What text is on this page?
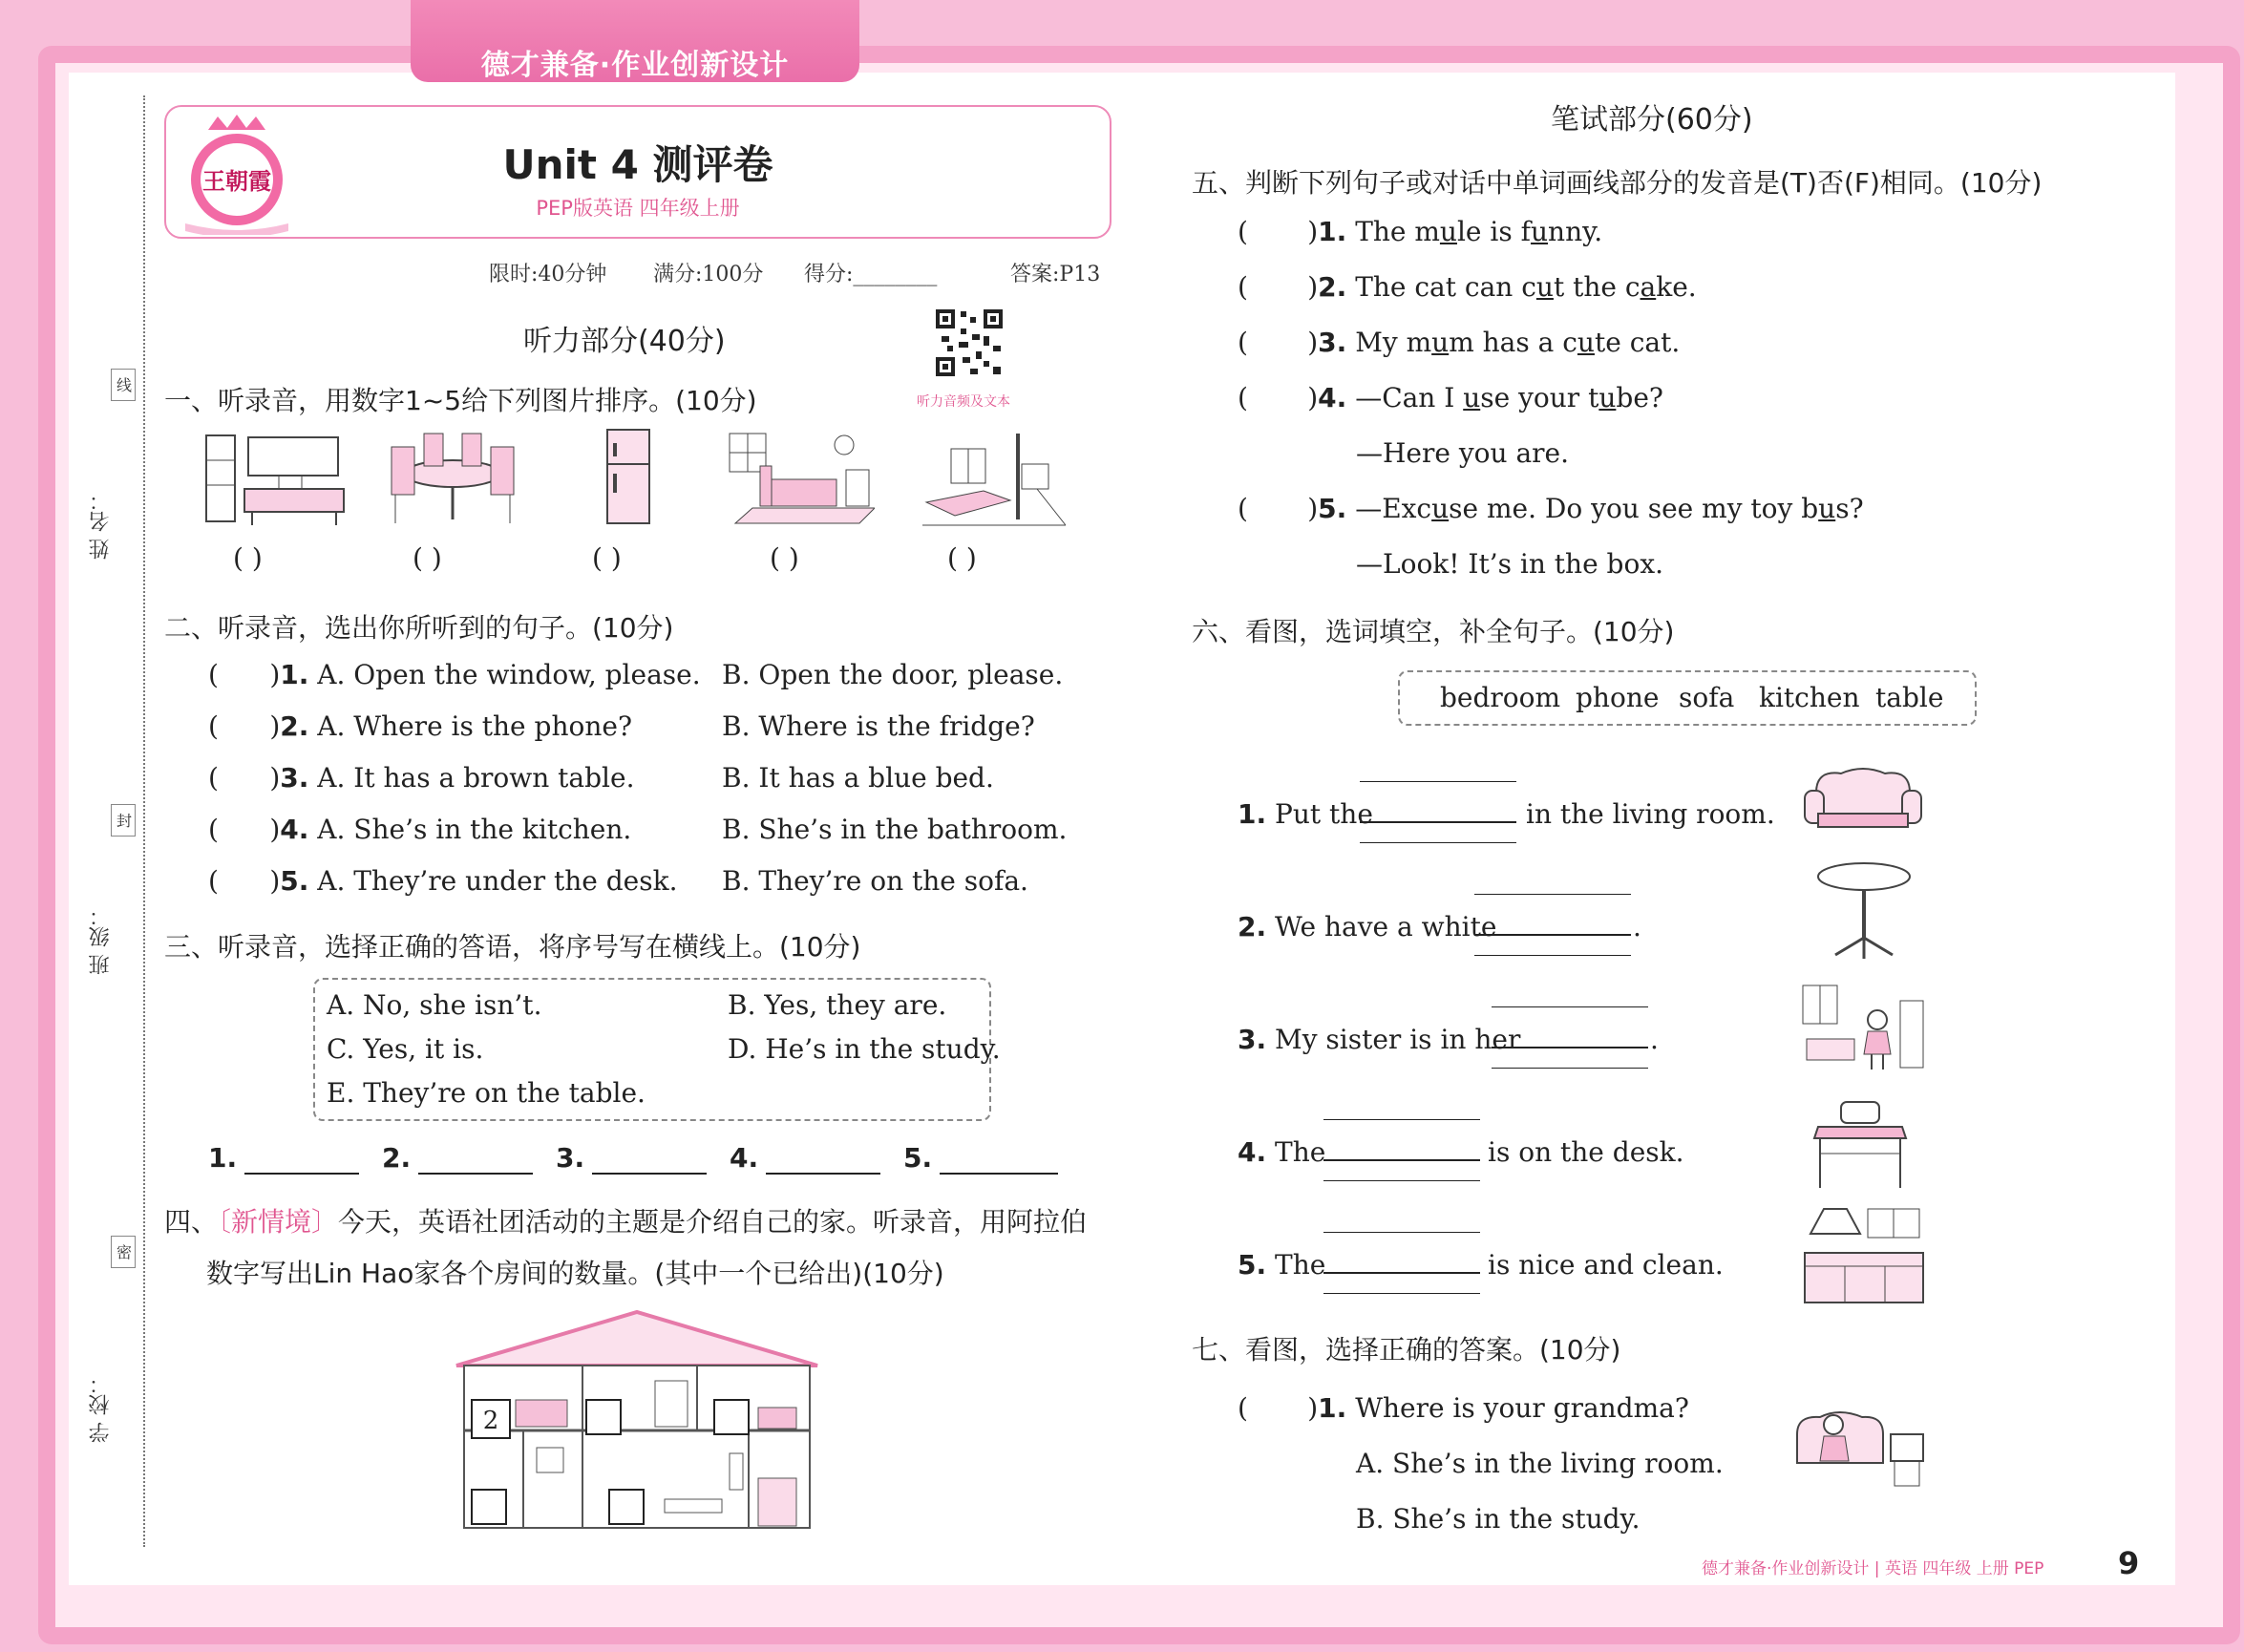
德才兼备·作业创新设计
姓 名：
班 级：
学 校：
线
封
密
王朝霞	Unit 4 测评卷
PEP版英语 四年级上册
限时:40分钟 满分:100分 得分:________	答案:P13
听力音频及文本
听力部分(40分)
一、听录音，用数字1~5给下列图片排序。(10分)
( )	( )	( )	( )	( )
二、听录音，选出你所听到的句子。(10分)
(      )1. A. Open the window, please. B. Open the door, please.
(      )2. A. Where is the phone?	B. Where is the fridge?
(      )3. A. It has a brown table.	B. It has a blue bed.
(      )4. A. She’s in the kitchen.	B. She’s in the bathroom.
(      )5. A. They’re under the desk. B. They’re on the sofa.
三、听录音，选择正确的答语，将序号写在横线上。(10分)
A. No, she isn’t.	B. Yes, they are.
C. Yes, it is.	D. He’s in the study.
E. They’re on the table.
1.	2.	3.	4.	5.
四、〔新情境〕今天，英语社团活动的主题是介绍自己的家。听录音，用阿拉伯
数字写出Lin Hao家各个房间的数量。(其中一个已给出)(10分)
2
笔试部分(60分)
五、判断下列句子或对话中单词画线部分的发音是(T)否(F)相同。(10分)
(       )1. The mule is funny.
(       )2. The cat can cut the cake.
(       )3. My mum has a cute cat.
(       )4. —Can I use your tube?
—Here you are.
(       )5. —Excuse me. Do you see my toy bus?
—Look! It’s in the box.
六、看图，选词填空，补全句子。(10分)
bedroom phone sofa kitchen table
1. Put the	in the living room.
2. We have a white	.
3. My sister is in her	.
4. The	is on the desk.
5. The	is nice and clean.
七、看图，选择正确的答案。(10分)
(       )1. Where is your grandma?
A. She’s in the living room.
B. She’s in the study.
德才兼备·作业创新设计 | 英语 四年级 上册 PEP 9
